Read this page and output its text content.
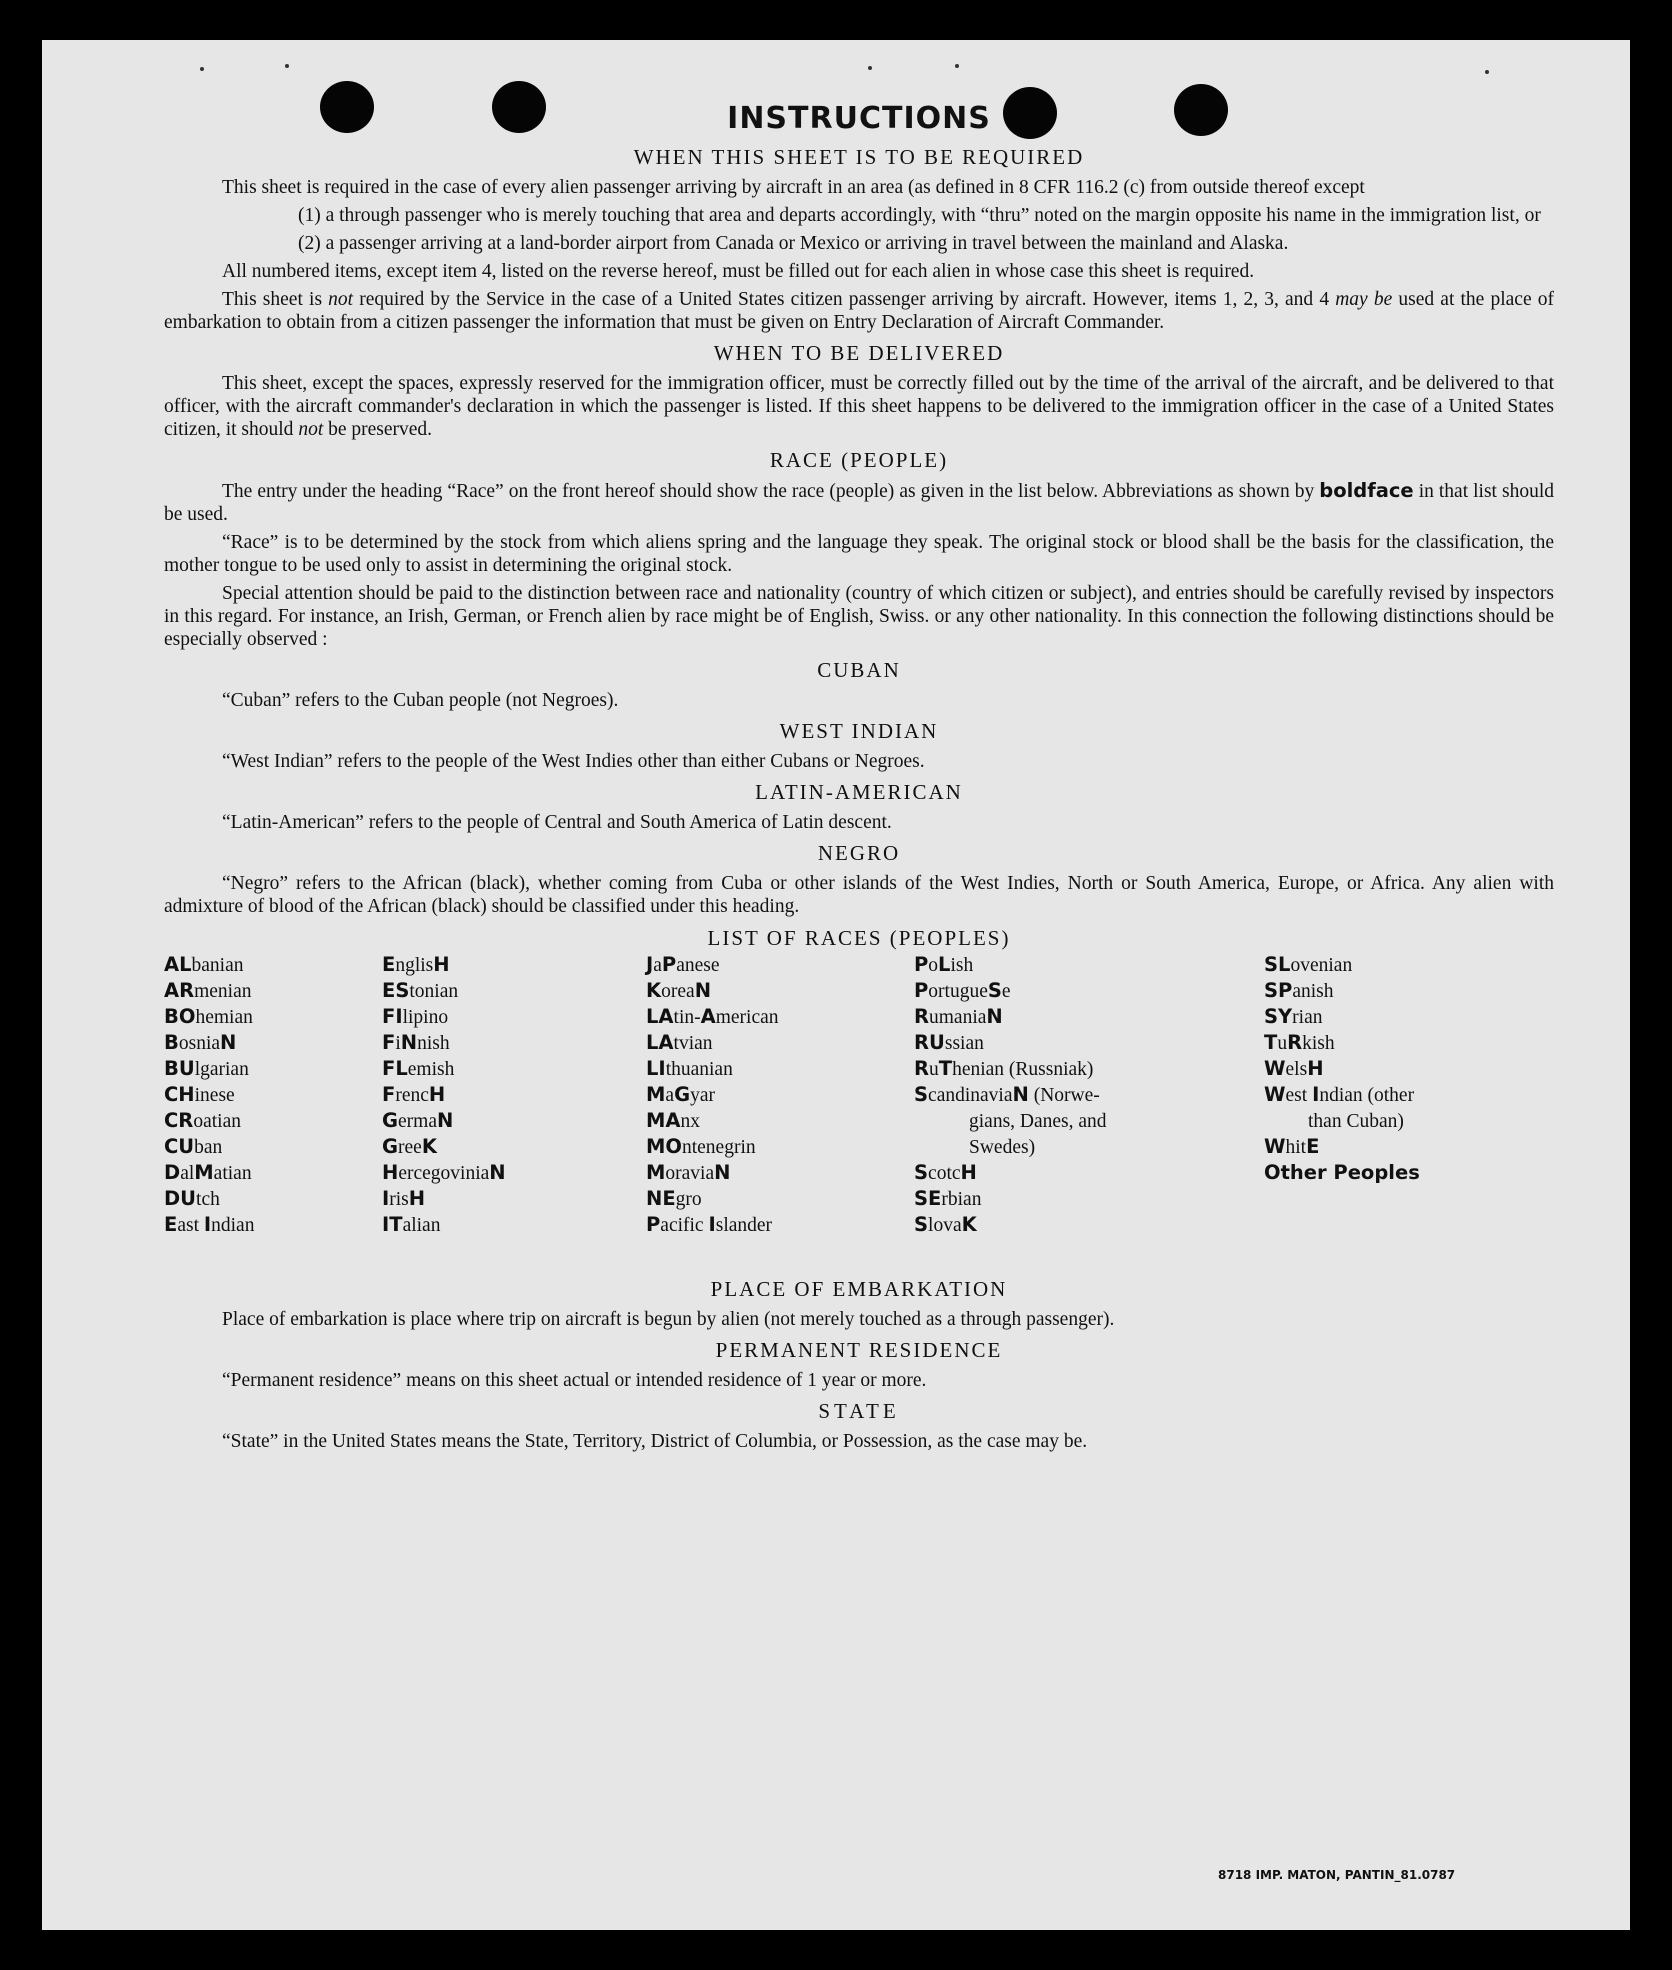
INSTRUCTIONS
WHEN THIS SHEET IS TO BE REQUIRED

This sheet is required in the case of every alien passenger arriving by aircraft in an area (as defined in 8 CFR 116.2 (c) from outside thereof except

(1) a through passenger who is merely touching that area and departs accordingly, with “thru” noted on the margin opposite his name in the immigration list, or

(2) a passenger arriving at a land-border airport from Canada or Mexico or arriving in travel between the mainland and Alaska.

All numbered items, except item 4, listed on the reverse hereof, must be filled out for each alien in whose case this sheet is required.

This sheet is not required by the Service in the case of a United States citizen passenger arriving by aircraft. However, items 1, 2, 3, and 4 may be used at the place of embarkation to obtain from a citizen passenger the information that must be given on Entry Declaration of Aircraft Commander.

WHEN TO BE DELIVERED

This sheet, except the spaces, expressly reserved for the immigration officer, must be correctly filled out by the time of the arrival of the aircraft, and be delivered to that officer, with the aircraft commander's declaration in which the passenger is listed. If this sheet happens to be delivered to the immigration officer in the case of a United States citizen, it should not be preserved.

RACE (PEOPLE)

The entry under the heading “Race” on the front hereof should show the race (people) as given in the list below. Abbreviations as shown by boldface in that list should be used.

“Race” is to be determined by the stock from which aliens spring and the language they speak. The original stock or blood shall be the basis for the classification, the mother tongue to be used only to assist in determining the original stock.

Special attention should be paid to the distinction between race and nationality (country of which citizen or subject), and entries should be carefully revised by inspectors in this regard. For instance, an Irish, German, or French alien by race might be of English, Swiss. or any other nationality. In this connection the following distinctions should be especially observed :

CUBAN

“Cuban” refers to the Cuban people (not Negroes).

WEST INDIAN

“West Indian” refers to the people of the West Indies other than either Cubans or Negroes.

LATIN-AMERICAN

“Latin-American” refers to the people of Central and South America of Latin descent.

NEGRO

“Negro” refers to the African (black), whether coming from Cuba or other islands of the West Indies, North or South America, Europe, or Africa. Any alien with admixture of blood of the African (black) should be classified under this heading.

LIST OF RACES (PEOPLES)
ALbanian
ARmenian
BOhemian
BosniaN
BUlgarian
CHinese
CRoatian
CUban
DalMatian
DUtch
East Indian
EnglisH
EStonian
FIlipino
FiNnish
FLemish
FrencH
GermaN
GreeK
HercegoviniaN
IrisH
ITalian
JaPanese
KoreaN
LAtin-American
LAtvian
LIthuanian
MaGyar
MAnx
MOntenegrin
MoraviaN
NEgro
Pacific Islander
PoLish
PortugueSe
RumaniaN
RUssian
RuThenian (Russniak)
ScandinaviaN (Norwe-
gians, Danes, and
Swedes)
ScotcH
SErbian
SlovaK
SLovenian
SPanish
SYrian
TuRkish
WelsH
West Indian (other
than Cuban)
WhitE
Other Peoples
PLACE OF EMBARKATION

Place of embarkation is place where trip on aircraft is begun by alien (not merely touched as a through passenger).

PERMANENT RESIDENCE

“Permanent residence” means on this sheet actual or intended residence of 1 year or more.

STATE

“State” in the United States means the State, Territory, District of Columbia, or Possession, as the case may be.

8718 IMP. MATON, PANTIN_81.0787
